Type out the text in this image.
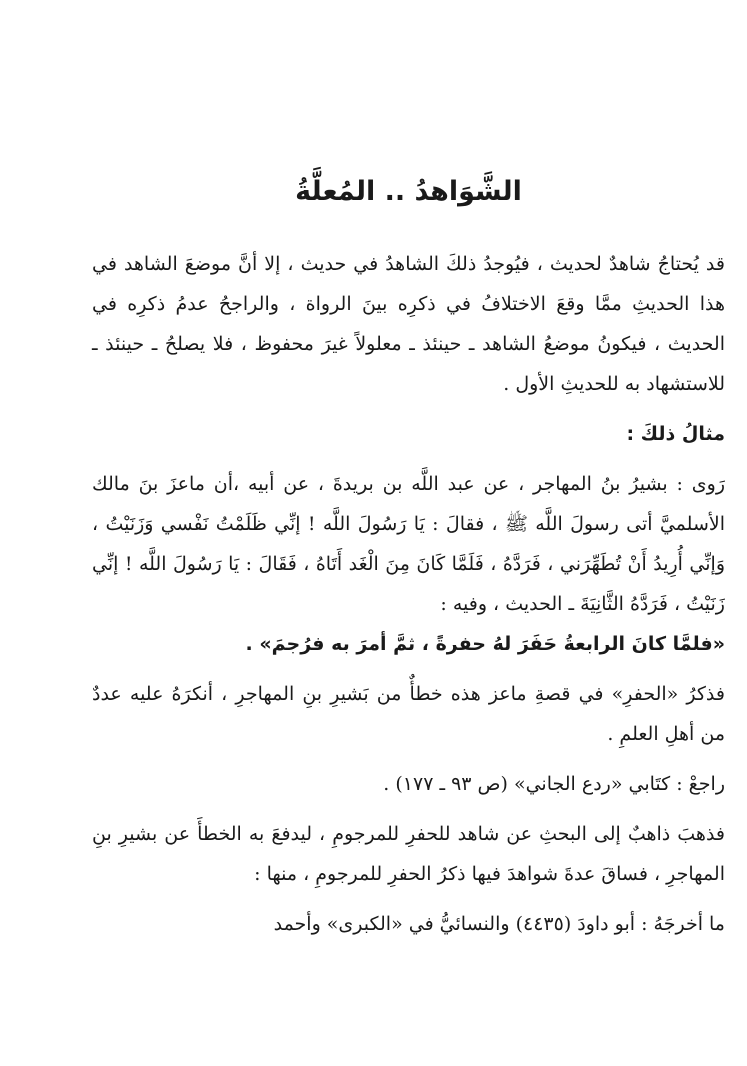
الشَّوَاهدُ .. المُعلَّةُ

قد يُحتاجُ شاهدٌ لحديث ، فيُوجدُ ذلكَ الشاهدُ في حديث ، إلا أنَّ موضعَ الشاهد في هذا الحديثِ ممَّا وقعَ الاختلافُ في ذكرِه بينَ الرواة ، والراجحُ عدمُ ذكرِه في الحديث ، فيكونُ موضعُ الشاهد ـ حينئذ ـ معلولاً غيرَ محفوظ ، فلا يصلحُ ـ حينئذ ـ للاستشهاد به للحديثِ الأول .

مثالُ ذلكَ :

رَوى : بشيرُ بنُ المهاجر ، عن عبد اللَّه بن بريدةَ ، عن أبيه ،أن ماعزَ بنَ مالك الأسلميَّ أتى رسولَ اللَّه ﷺ ، فقالَ : يَا رَسُولَ اللَّه ! إنِّي ظَلَمْتُ نَفْسي وَزَنَيْتُ ، وَإنِّي أُرِيدُ أَنْ تُطَهِّرَني ، فَرَدَّهُ ، فَلَمَّا كَانَ مِنَ الْغَد أَتَاهُ ، فَقَالَ : يَا رَسُولَ اللَّه ! إنِّي زَنَيْتُ ، فَرَدَّهُ الثَّانِيَةَ ـ الحديث ، وفيه :

«فلمَّا كانَ الرابعةُ حَفَرَ لهُ حفرةً ، ثمَّ أمرَ به فرُجمَ» .

فذكرُ «الحفرِ» في قصةِ ماعز هذه خطأٌ من بَشيرِ بنِ المهاجرِ ، أنكرَهُ عليه عددٌ من أهلِ العلمِ .

راجعْ : كتَابي «ردع الجاني» (ص ٩٣ ـ ١٧٧) .

فذهبَ ذاهبٌ إلى البحثِ عن شاهد للحفرِ للمرجومِ ، ليدفعَ به الخطأَ عن بشيرِ بنِ المهاجرِ ، فساقَ عدةَ شواهدَ فيها ذكرُ الحفرِ للمرجومِ ، منها :

ما أخرجَهُ : أبو داودَ (٤٤٣٥) والنسائيُّ في «الكبرى» وأحمد
